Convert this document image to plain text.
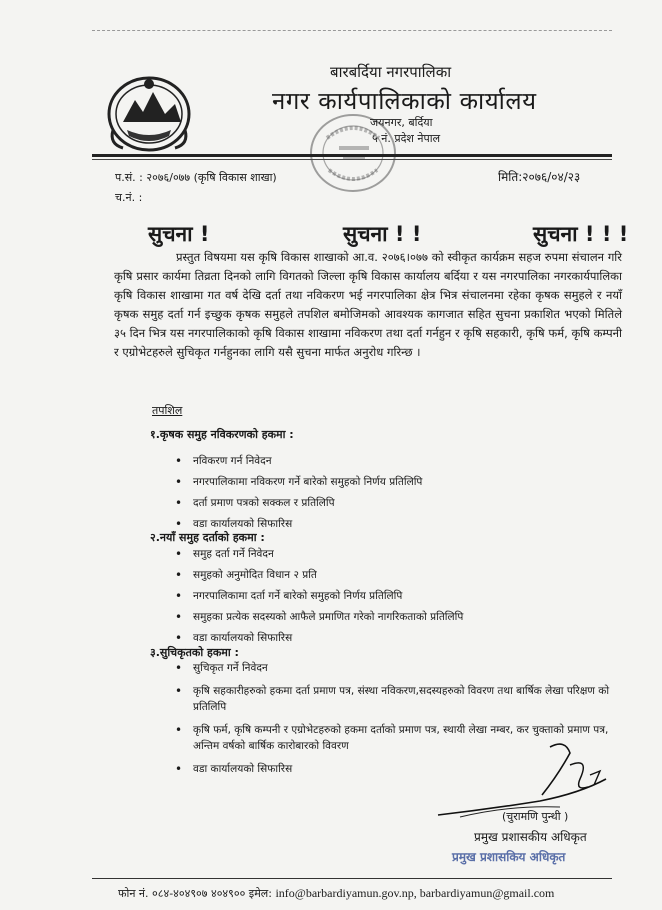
बारबर्दिया नगरपालिका
नगर कार्यपालिकाको कार्यालय
जयनगर, बर्दिया
५ नं. प्रदेश नेपाल
प.सं. : २०७६/०७७ (कृषि विकास शाखा)	मिति:२०७६/०४/२३
च.नं. :
सुचना !	सुचना ! !	सुचना ! ! !
प्रस्तुत विषयमा यस कृषि विकास शाखाको आ.व. २०७६।०७७ को स्वीकृत कार्यक्रम सहज रुपमा संचालन गरि कृषि प्रसार कार्यमा तिव्रता दिनको लागि विगतको जिल्ला कृषि विकास कार्यालय बर्दिया र यस नगरपालिका नगरकार्यपालिका कृषि विकास शाखामा गत वर्ष देखि दर्ता तथा नविकरण भई नगरपालिका क्षेत्र भित्र संचालनमा रहेका कृषक समुहले र नयाँ कृषक समुह दर्ता गर्न इच्छुक कृषक समुहले तपशिल बमोजिमको आवश्यक कागजात सहित सुचना प्रकाशित भएको मितिले ३५ दिन भित्र यस नगरपालिकाको कृषि विकास शाखामा नविकरण तथा दर्ता गर्नहुन र कृषि सहकारी, कृषि फर्म, कृषि कम्पनी र एग्रोभेटहरुले सुचिकृत गर्नहुनका लागि यसै सुचना मार्फत अनुरोध गरिन्छ ।
तपशिल
१.कृषक समुह नविकरणको हकमा :
• नविकरण गर्न निवेदन
• नगरपालिकामा नविकरण गर्ने बारेको समुहको निर्णय प्रतिलिपि
• दर्ता प्रमाण पत्रको सक्कल र प्रतिलिपि
• वडा कार्यालयको सिफारिस
२.नयाँ समुह दर्ताको हकमा :
• समुह दर्ता गर्ने निवेदन
• समुहको अनुमोदित विधान २ प्रति
• नगरपालिकामा दर्ता गर्ने बारेको समुहको निर्णय प्रतिलिपि
• समुहका प्रत्येक सदस्यको आफैले प्रमाणित गरेको नागरिकताको प्रतिलिपि
• वडा कार्यालयको सिफारिस
३.सुचिकृतको हकमा :
• सुचिकृत गर्ने निवेदन
• कृषि सहकारीहरुको हकमा दर्ता प्रमाण पत्र, संस्था नविकरण,सदस्यहरुको विवरण तथा बार्षिक लेखा परिक्षण को प्रतिलिपि
• कृषि फर्म, कृषि कम्पनी र एग्रोभेटहरुको हकमा दर्ताको प्रमाण पत्र, स्थायी लेखा नम्बर, कर चुक्ताको प्रमाण पत्र, अन्तिम वर्षको बार्षिक कारोबारको विवरण
• वडा कार्यालयको सिफारिस
(चुरामणि पुन्थी )
प्रमुख प्रशासकीय अधिकृत
प्रमुख प्रशासकिय अधिकृत
फोन नं. ०८४-४०४९०७ ४०४९०० इमेल: info@barbardiyamun.gov.np, barbardiyamun@gmail.com
